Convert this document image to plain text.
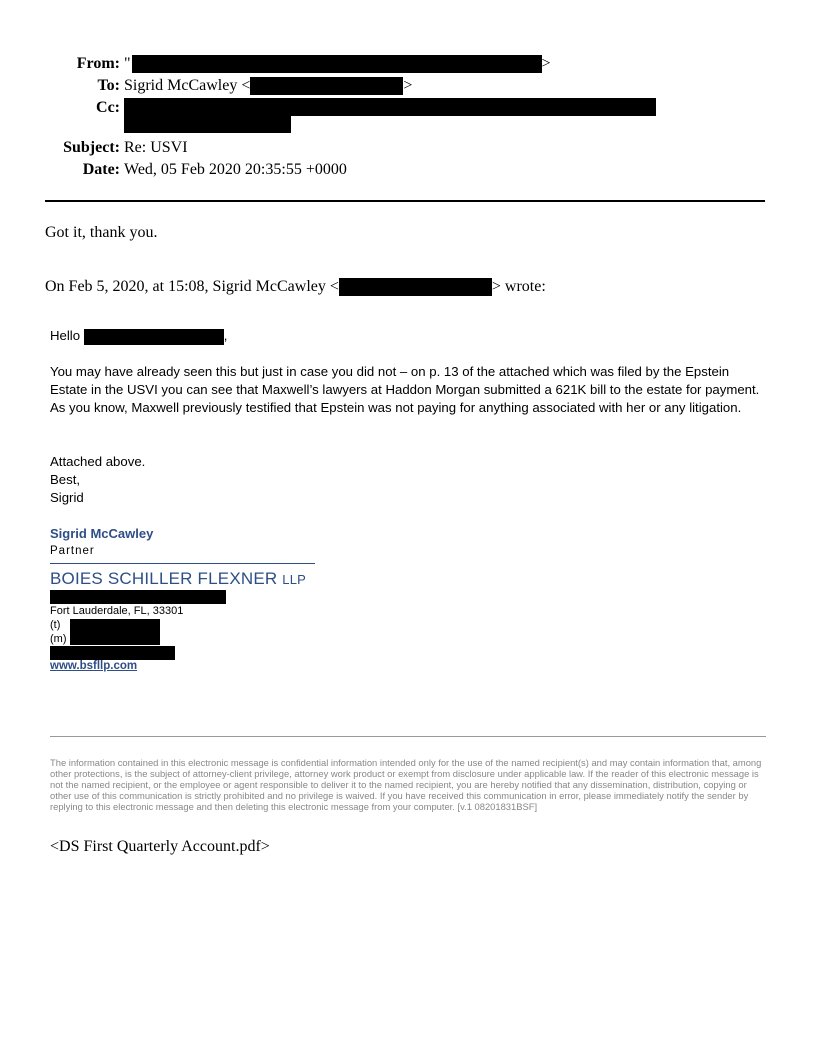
From: "	>
To: Sigrid McCawley <	>
Cc:
Subject: Re: USVI
Date: Wed, 05 Feb 2020 20:35:55 +0000
Got it, thank you.
On Feb 5, 2020, at 15:08, Sigrid McCawley <	> wrote:
Hello	,

You may have already seen this but just in case you did not – on p. 13 of the attached which was filed by the Epstein Estate in the USVI you can see that Maxwell’s lawyers at Haddon Morgan submitted a 621K bill to the estate for payment. As you know, Maxwell previously testified that Epstein was not paying for anything associated with her or any litigation.

Attached above.

Best,

Sigrid

Sigrid McCawley
Partner
BOIES SCHILLER FLEXNER LLP
Fort Lauderdale, FL, 33301
(t)
(m)
www.bsfllp.com
The information contained in this electronic message is confidential information intended only for the use of the named recipient(s) and may contain information that, among other protections, is the subject of attorney-client privilege, attorney work product or exempt from disclosure under applicable law. If the reader of this electronic message is not the named recipient, or the employee or agent responsible to deliver it to the named recipient, you are hereby notified that any dissemination, distribution, copying or other use of this communication is strictly prohibited and no privilege is waived. If you have received this communication in error, please immediately notify the sender by replying to this electronic message and then deleting this electronic message from your computer. [v.1 08201831BSF]
<DS First Quarterly Account.pdf>
